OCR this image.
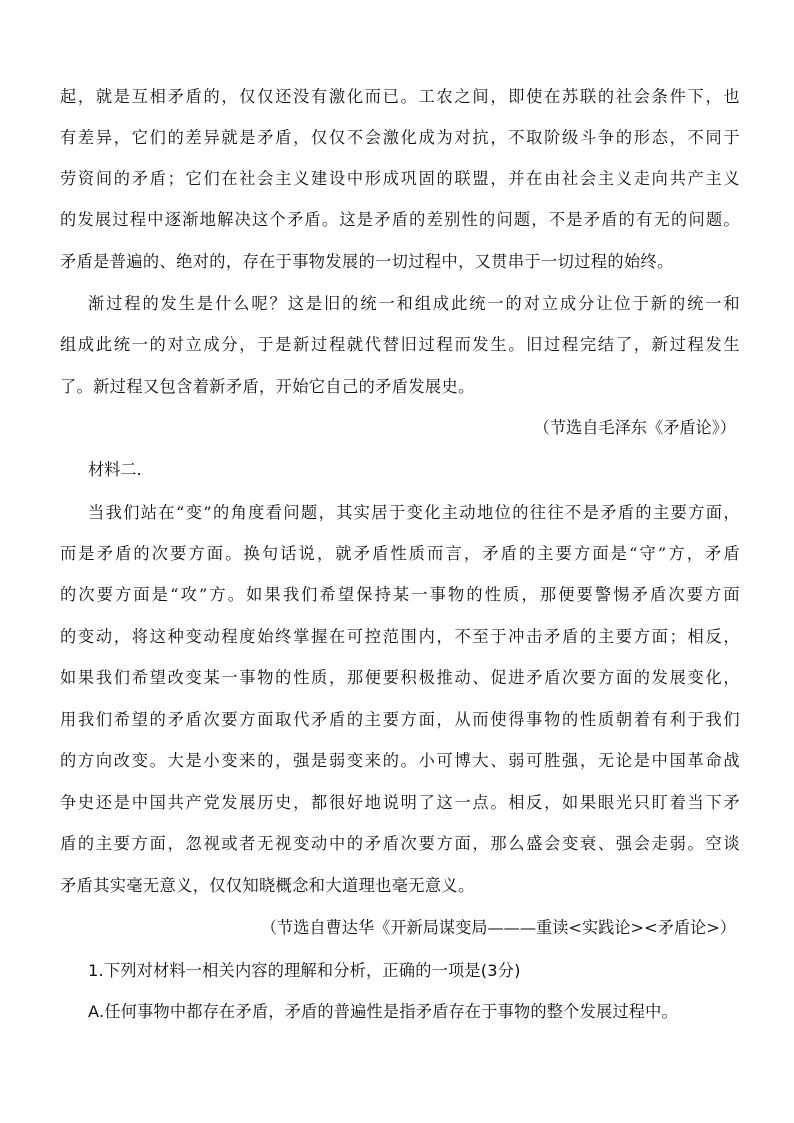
起，就是互相矛盾的，仅仅还没有激化而已。工农之间，即使在苏联的社会条件下，也
有差异，它们的差异就是矛盾，仅仅不会激化成为对抗，不取阶级斗争的形态，不同于
劳资间的矛盾；它们在社会主义建设中形成巩固的联盟，并在由社会主义走向共产主义
的发展过程中逐渐地解决这个矛盾。这是矛盾的差别性的问题，不是矛盾的有无的问题。
矛盾是普遍的、绝对的，存在于事物发展的一切过程中，又贯串于一切过程的始终。
渐过程的发生是什么呢？这是旧的统一和组成此统一的对立成分让位于新的统一和
组成此统一的对立成分，于是新过程就代替旧过程而发生。旧过程完结了，新过程发生
了。新过程又包含着新矛盾，开始它自己的矛盾发展史。
（节选自毛泽东《矛盾论》）
材料二.
当我们站在“变”的角度看问题，其实居于变化主动地位的往往不是矛盾的主要方面，
而是矛盾的次要方面。换句话说，就矛盾性质而言，矛盾的主要方面是“守”方，矛盾
的次要方面是“攻”方。如果我们希望保持某一事物的性质，那便要警惕矛盾次要方面
的变动，将这种变动程度始终掌握在可控范围内，不至于冲击矛盾的主要方面；相反，
如果我们希望改变某一事物的性质，那便要积极推动、促进矛盾次要方面的发展变化，
用我们希望的矛盾次要方面取代矛盾的主要方面，从而使得事物的性质朝着有利于我们
的方向改变。大是小变来的，强是弱变来的。小可博大、弱可胜强，无论是中国革命战
争史还是中国共产党发展历史，都很好地说明了这一点。相反，如果眼光只盯着当下矛
盾的主要方面，忽视或者无视变动中的矛盾次要方面，那么盛会变衰、强会走弱。空谈
矛盾其实毫无意义，仅仅知晓概念和大道理也毫无意义。
（节选自曹达华《开新局谋变局———重读<实践论><矛盾论>）
1.下列对材料一相关内容的理解和分析，正确的一项是(3分)
A.任何事物中都存在矛盾，矛盾的普遍性是指矛盾存在于事物的整个发展过程中。
